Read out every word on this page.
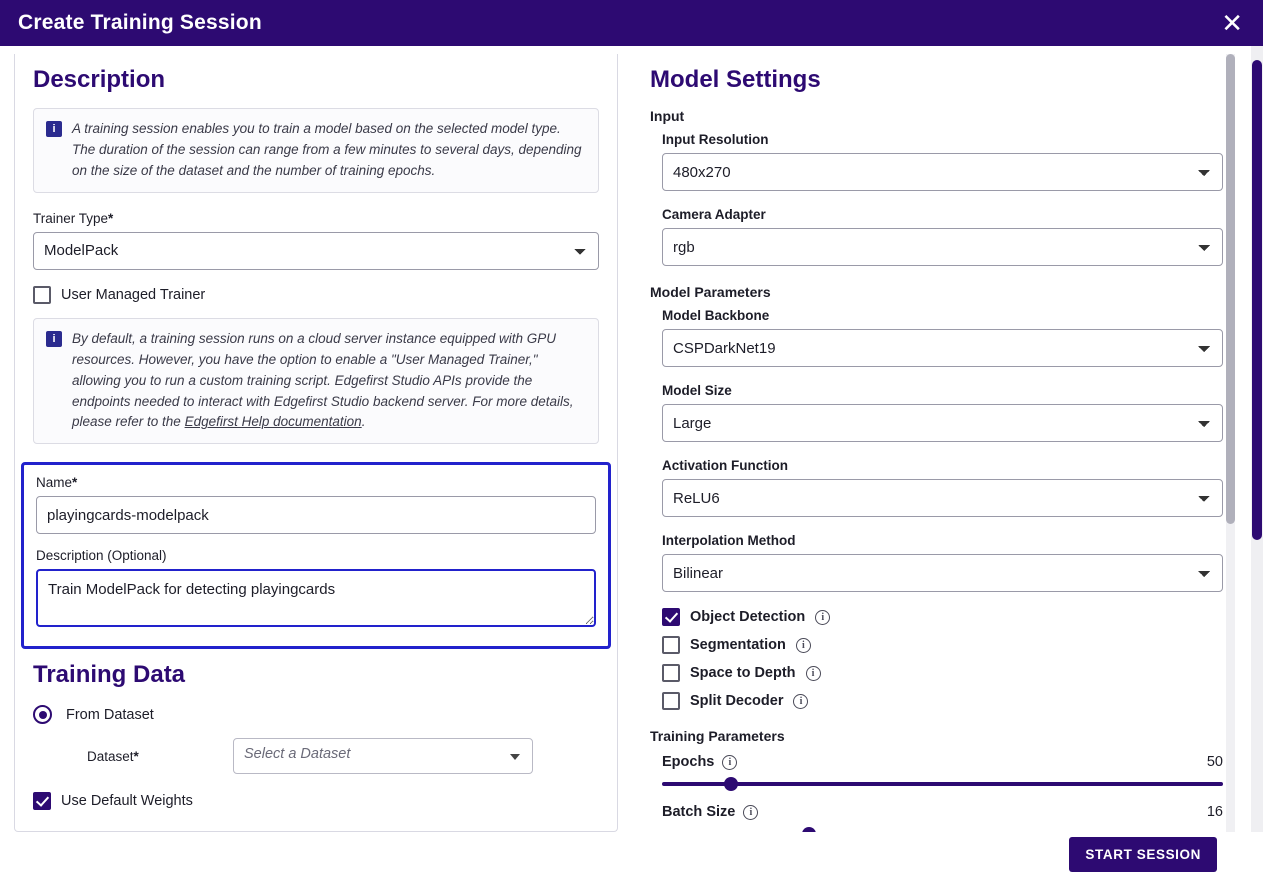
Create Training Session	✕
Description
i	A training session enables you to train a model based on the selected model type. The duration of the session can range from a few minutes to several days, depending on the size of the dataset and the number of training epochs.

Trainer Type*
ModelPack
User Managed Trainer
i	By default, a training session runs on a cloud server instance equipped with GPU resources. However, you have the option to enable a "User Managed Trainer," allowing you to run a custom training script. Edgefirst Studio APIs provide the endpoints needed to interact with Edgefirst Studio backend server. For more details, please refer to the Edgefirst Help documentation.

Name*
playingcards-modelpack
Description (Optional)
Train ModelPack for detecting playingcards
Training Data
From Dataset
Dataset*	Select a Dataset
Use Default Weights
Model Settings
Input
Input Resolution
480x270
Camera Adapter
rgb
Model Parameters
Model Backbone
CSPDarkNet19
Model Size
Large
Activation Function
ReLU6
Interpolation Method
Bilinear
Object Detection	i
Segmentation	i
Space to Depth	i
Split Decoder	i
Training Parameters
Epochs	i	50
Batch Size	i	16
START SESSION
